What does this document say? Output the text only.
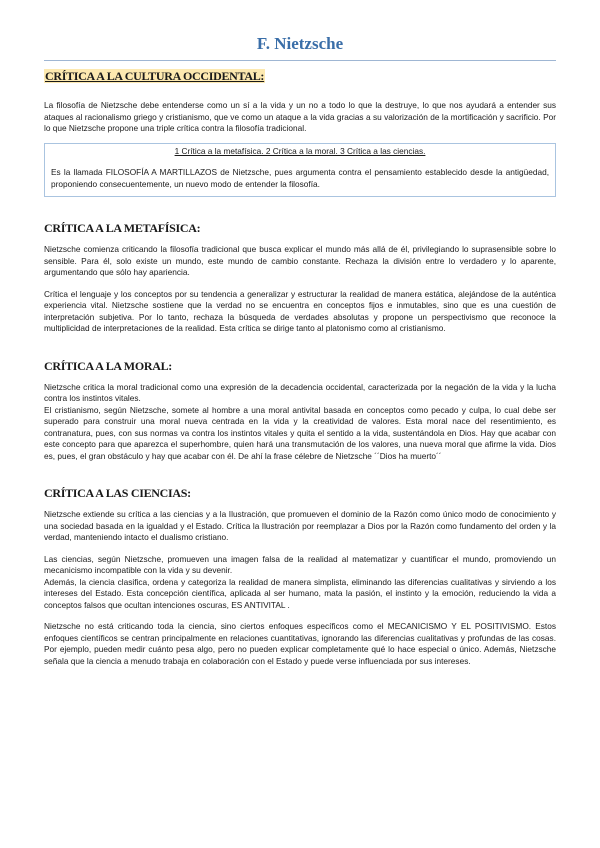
F. Nietzsche
CRÍTICA A LA CULTURA OCCIDENTAL:

La filosofía de Nietzsche debe entenderse como un sí a la vida y un no a todo lo que la destruye, lo que nos ayudará a entender sus ataques al racionalismo griego y cristianismo, que ve como un ataque a la vida gracias a su valorización de la mortificación y sacrificio. Por lo que Nietzsche propone una triple crítica contra la filosofía tradicional.

1 Crítica a la metafísica. 2 Crítica a la moral. 3 Crítica a las ciencias.

Es la llamada FILOSOFÍA A MARTILLAZOS de Nietzsche, pues argumenta contra el pensamiento establecido desde la antigüedad, proponiendo consecuentemente, un nuevo modo de entender la filosofía.

CRÍTICA A LA METAFÍSICA:

Nietzsche comienza criticando la filosofía tradicional que busca explicar el mundo más allá de él, privilegiando lo suprasensible sobre lo sensible. Para él, solo existe un mundo, este mundo de cambio constante. Rechaza la división entre lo verdadero y lo aparente, argumentando que sólo hay apariencia.

Crítica el lenguaje y los conceptos por su tendencia a generalizar y estructurar la realidad de manera estática, alejándose de la auténtica experiencia vital. Nietzsche sostiene que la verdad no se encuentra en conceptos fijos e inmutables, sino que es una cuestión de interpretación subjetiva. Por lo tanto, rechaza la búsqueda de verdades absolutas y propone un perspectivismo que reconoce la multiplicidad de interpretaciones de la realidad. Esta crítica se dirige tanto al platonismo como al cristianismo.

CRÍTICA A LA MORAL:

Nietzsche critica la moral tradicional como una expresión de la decadencia occidental, caracterizada por la negación de la vida y la lucha contra los instintos vitales.

El cristianismo, según Nietzsche, somete al hombre a una moral antivital basada en conceptos como pecado y culpa, lo cual debe ser superado para construir una moral nueva centrada en la vida y la creatividad de valores. Esta moral nace del resentimiento, es contranatura, pues, con sus normas va contra los instintos vitales y quita el sentido a la vida, sustentándola en Dios. Hay que acabar con este concepto para que aparezca el superhombre, quien hará una transmutación de los valores, una nueva moral que afirme la vida. Dios es, pues, el gran obstáculo y hay que acabar con él. De ahí la frase célebre de Nietzsche ´´Dios ha muerto´´

CRÍTICA A LAS CIENCIAS:

Nietzsche extiende su crítica a las ciencias y a la Ilustración, que promueven el dominio de la Razón como único modo de conocimiento y una sociedad basada en la igualdad y el Estado. Crítica la Ilustración por reemplazar a Dios por la Razón como fundamento del orden y la verdad, manteniendo intacto el dualismo cristiano.

Las ciencias, según Nietzsche, promueven una imagen falsa de la realidad al matematizar y cuantificar el mundo, promoviendo un mecanicismo incompatible con la vida y su devenir.

Además, la ciencia clasifica, ordena y categoriza la realidad de manera simplista, eliminando las diferencias cualitativas y sirviendo a los intereses del Estado. Esta concepción científica, aplicada al ser humano, mata la pasión, el instinto y la emoción, reduciendo la vida a conceptos falsos que ocultan intenciones oscuras, ES ANTIVITAL .

Nietzsche no está criticando toda la ciencia, sino ciertos enfoques específicos como el MECANICISMO Y EL POSITIVISMO. Estos enfoques científicos se centran principalmente en relaciones cuantitativas, ignorando las diferencias cualitativas y profundas de las cosas. Por ejemplo, pueden medir cuánto pesa algo, pero no pueden explicar completamente qué lo hace especial o único. Además, Nietzsche señala que la ciencia a menudo trabaja en colaboración con el Estado y puede verse influenciada por sus intereses.
